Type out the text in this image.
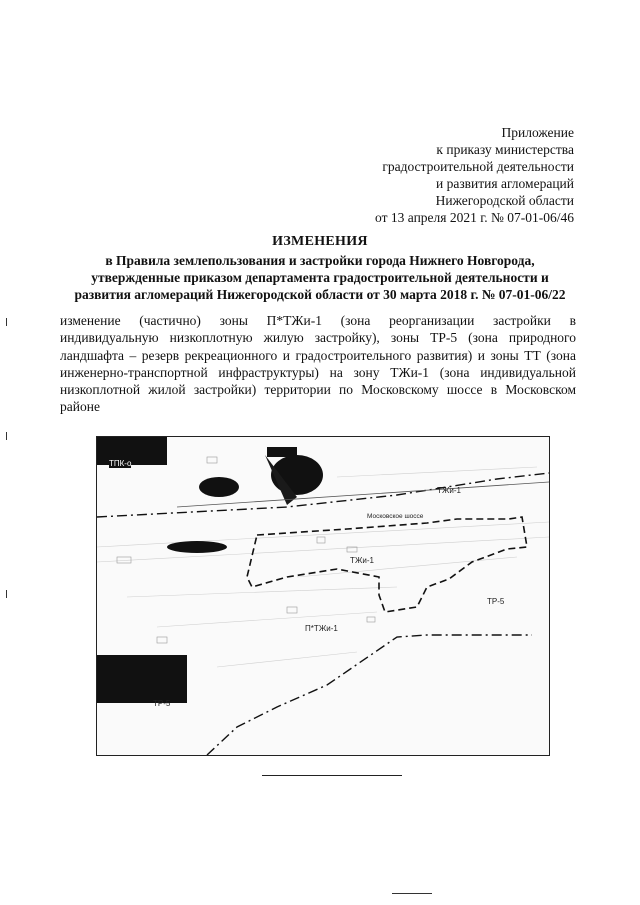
Приложение
к приказу министерства
градостроительной деятельности
и развития агломераций
Нижегородской области
от 13 апреля 2021 г. № 07-01-06/46
ИЗМЕНЕНИЯ
в Правила землепользования и застройки города Нижнего Новгорода,
утвержденные приказом департамента градостроительной деятельности и
развития агломераций Нижегородской области от 30 марта 2018 г. № 07-01-06/22
изменение (частично) зоны П*ТЖи-1 (зона реорганизации застройки в
индивидуальную низкоплотную жилую застройку), зоны ТР-5 (зона природного
ландшафта – резерв рекреационного и градостроительного развития) и зоны ТТ (зона
инженерно-транспортной инфраструктуры) на зону ТЖи-1 (зона индивидуальной
низкоплотной жилой застройки) территории по Московскому шоссе в Московском
районе
ТПК-о
ТЖи-1
Московское шоссе
ТЖи-1
ТР-5
П*ТЖи-1
ТР-5
